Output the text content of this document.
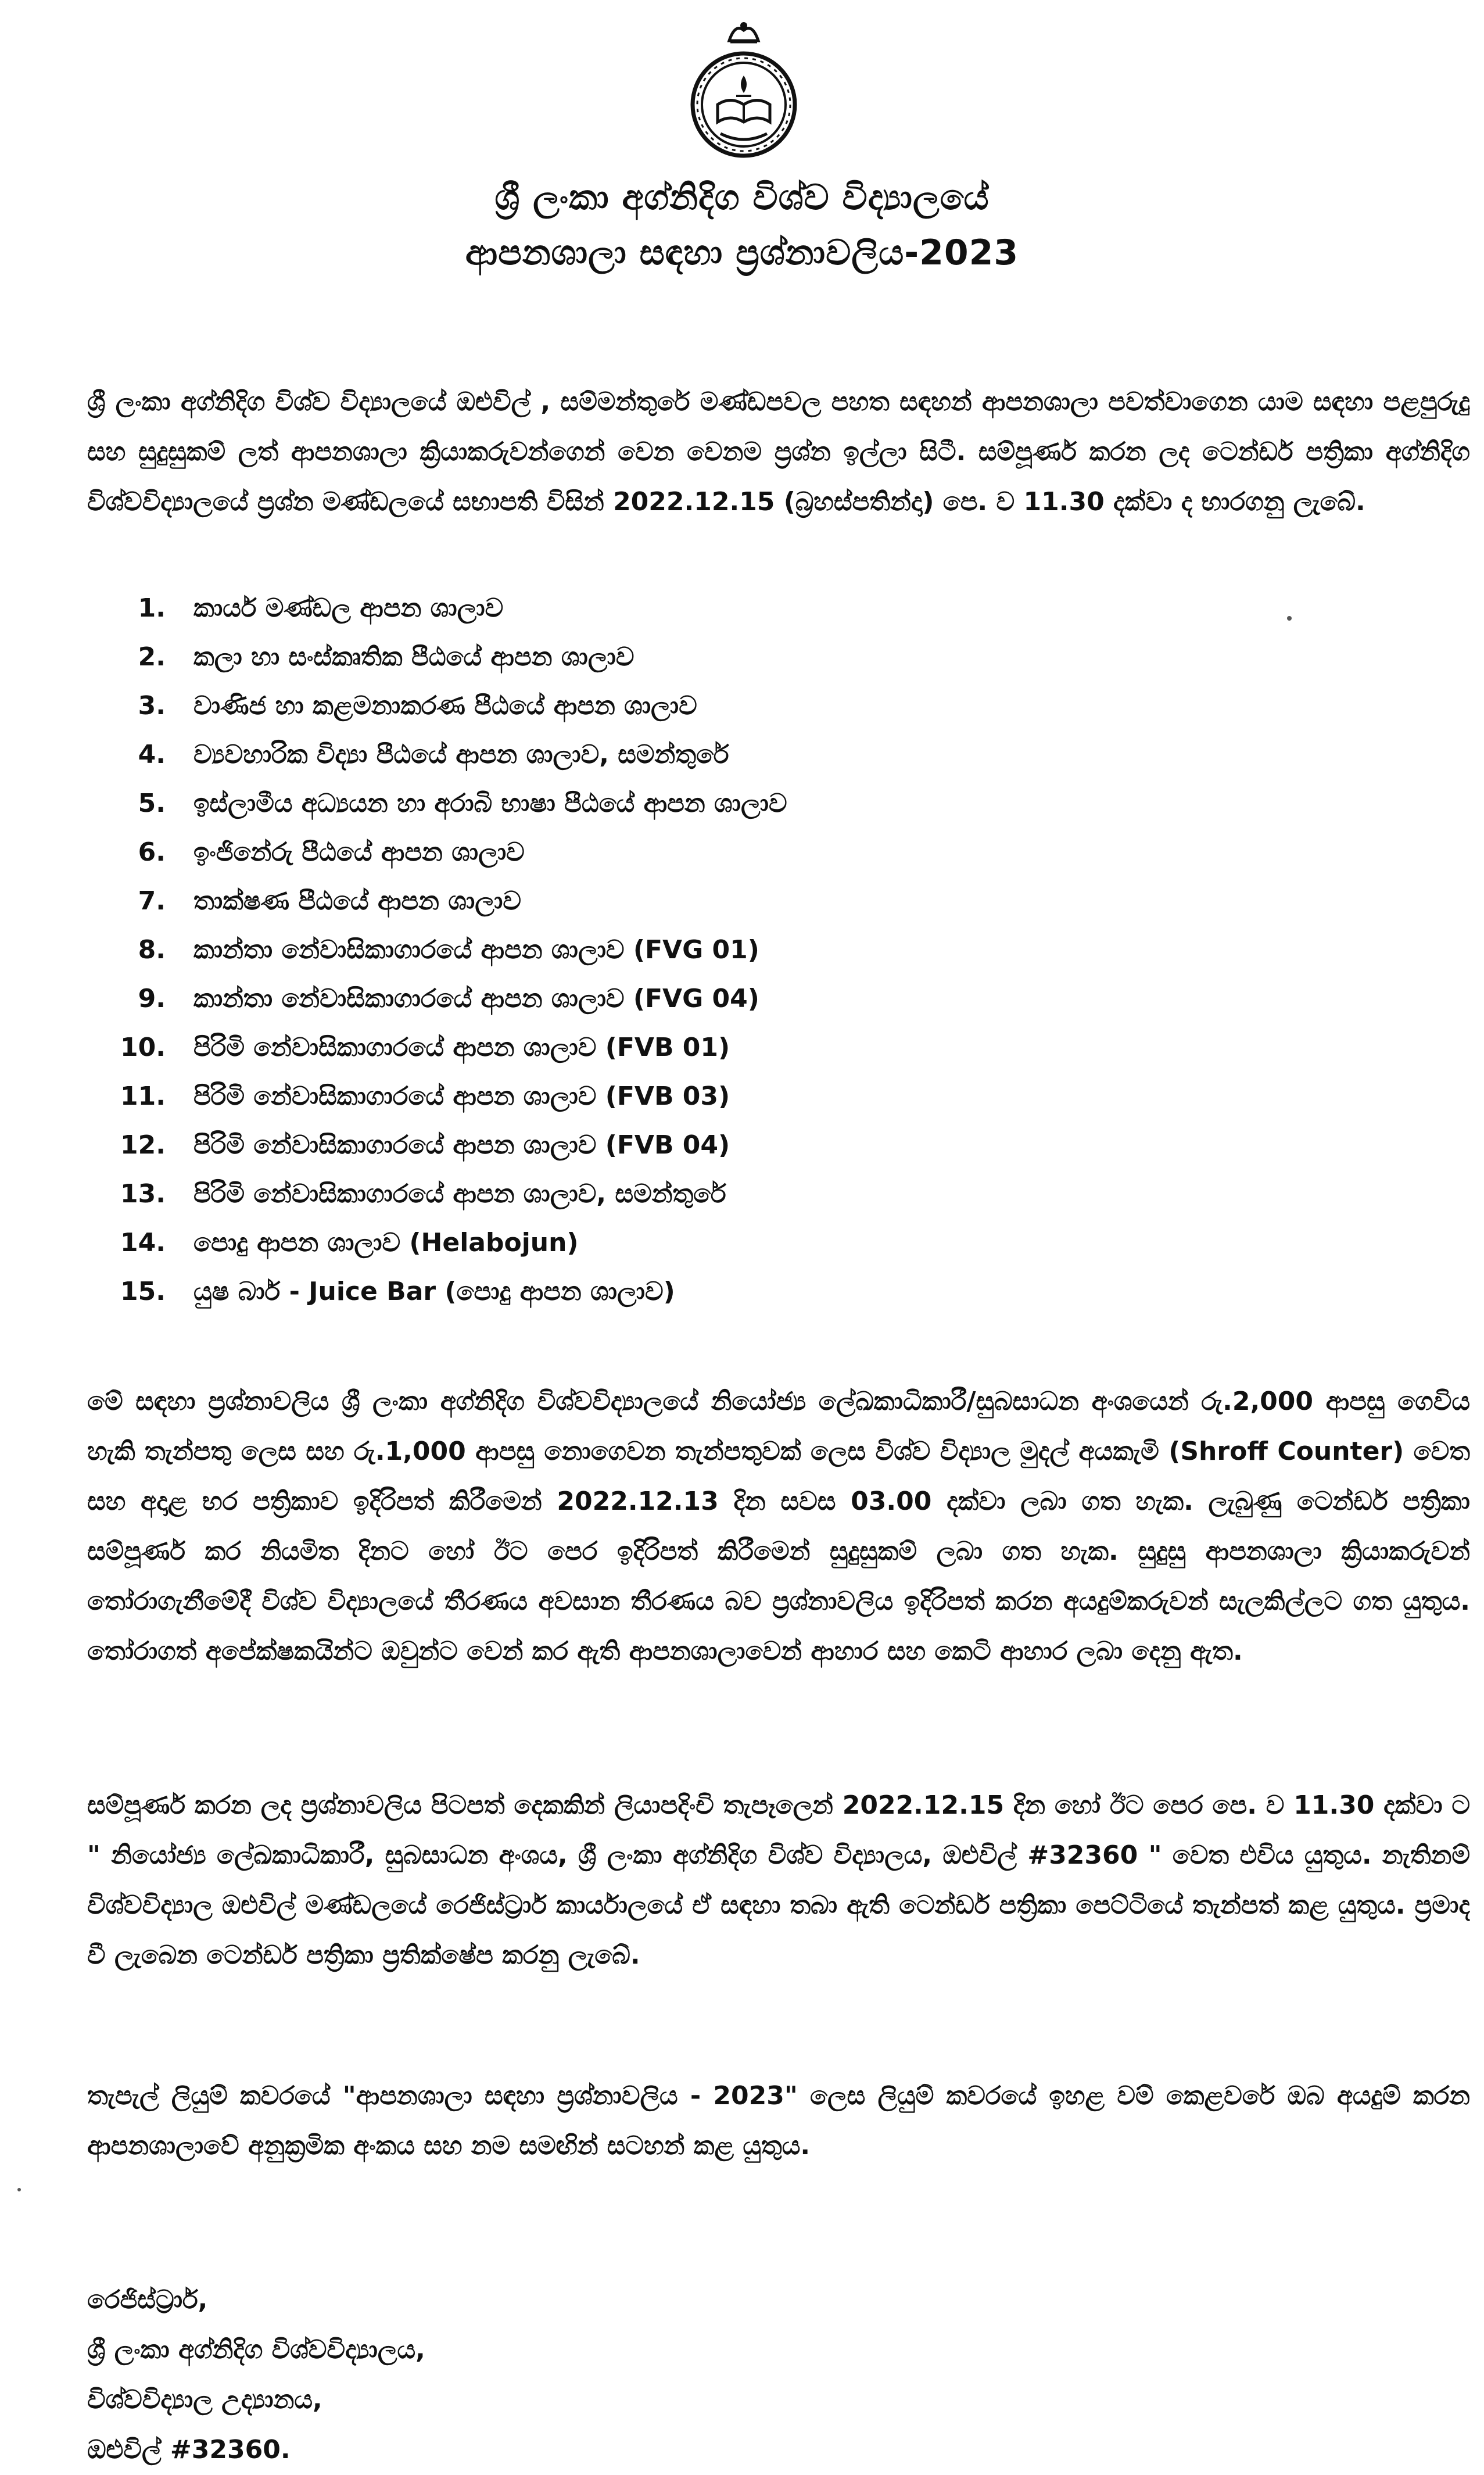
ශ්‍රී ලංකා අග්නිදිග විශ්ව විද්‍යාලයේ
ආපනශාලා සඳහා ප්‍රශ්නාවලිය-2023

ශ්‍රී ලංකා අග්නිදිග විශ්ව විද්‍යාලයේ ඔළුවිල් , සම්මන්තුරේ මණ්ඩපවල පහත සඳහන් ආපනශාලා පවත්වාගෙන යාම සඳහා පළපුරුදු සහ සුදුසුකම් ලත් ආපනශාලා ක්‍රියාකරුවන්ගෙන් වෙන වෙනම ප්‍රශ්න ඉල්ලා සිටී. සම්පූර්ණ කරන ලද ටෙන්ඩර් පත්‍රිකා අග්නිදිග විශ්වවිද්‍යාලයේ ප්‍රශ්න මණ්ඩලයේ සභාපති විසින් 2022.12.15 (බ්‍රහස්පතින්දා) පෙ. ව 11.30 දක්වා ද භාරගනු ලැබේ.

1. කාර්ය මණ්ඩල ආපන ශාලාව
2. කලා හා සංස්කෘතික පීඨයේ ආපන ශාලාව
3. වාණිජ හා කළමනාකරණ පීඨයේ ආපන ශාලාව
4. ව්‍යවහාරික විද්‍යා පීඨයේ ආපන ශාලාව, සමන්තුරේ
5. ඉස්ලාමීය අධ්‍යයන හා අරාබි භාෂා පීඨයේ ආපන ශාලාව
6. ඉංජිනේරු පීඨයේ ආපන ශාලාව
7. තාක්ෂණ පීඨයේ ආපන ශාලාව
8. කාන්තා නේවාසිකාගාරයේ ආපන ශාලාව (FVG 01)
9. කාන්තා නේවාසිකාගාරයේ ආපන ශාලාව (FVG 04)
10. පිරිමි නේවාසිකාගාරයේ ආපන ශාලාව (FVB 01)
11. පිරිමි නේවාසිකාගාරයේ ආපන ශාලාව (FVB 03)
12. පිරිමි නේවාසිකාගාරයේ ආපන ශාලාව (FVB 04)
13. පිරිමි නේවාසිකාගාරයේ ආපන ශාලාව, සමන්තුරේ
14. පොදු ආපන ශාලාව (Helabojun)
15. යුෂ බාර් - Juice Bar (පොදු ආපන ශාලාව)

මේ සඳහා ප්‍රශ්නාවලිය ශ්‍රී ලංකා අග්නිදිග විශ්වවිද්‍යාලයේ නියෝජ්‍ය ලේඛකාධිකාරී/සුබසාධන අංශයෙන් රු.2,000 ආපසු ගෙවිය හැකි තැන්පතු ලෙස සහ රු.1,000 ආපසු නොගෙවන තැන්පතුවක් ලෙස විශ්ව විද්‍යාල මුදල් අයකැමි (Shroff Counter) වෙත සහ අදාළ භර පත්‍රිකාව ඉදිරිපත් කිරීමෙන් 2022.12.13 දින සවස 03.00 දක්වා ලබා ගත හැක. ලැබුණු ටෙන්ඩර් පත්‍රිකා සම්පූර්ණ කර නියමිත දිනට හෝ ඊට පෙර ඉදිරිපත් කිරීමෙන් සුදුසුකම් ලබා ගත හැක. සුදුසු ආපනශාලා ක්‍රියාකරුවන් තෝරාගැනීමේදී විශ්ව විද්‍යාලයේ තීරණය අවසාන තීරණය බව ප්‍රශ්නාවලිය ඉදිරිපත් කරන අයදුම්කරුවන් සැලකිල්ලට ගත යුතුය. තෝරාගත් අපේක්ෂකයින්ට ඔවුන්ට වෙන් කර ඇති ආපනශාලාවෙන් ආහාර සහ කෙටි ආහාර ලබා දෙනු ඇත.

සම්පූර්ණ කරන ලද ප්‍රශ්නාවලිය පිටපත් දෙකකින් ලියාපදිංචි තැපෑලෙන් 2022.12.15 දින හෝ ඊට පෙර පෙ. ව 11.30 දක්වා ට " නියෝජ්‍ය ලේඛකාධිකාරී, සුබසාධන අංශය, ශ්‍රී ලංකා අග්නිදිග විශ්ව විද්‍යාලය, ඔළුවිල් #32360 " වෙත එවිය යුතුය. නැතිනම් විශ්වවිද්‍යාල ඔළුවිල් මණ්ඩලයේ රෙජිස්ට්‍රාර් කාර්යාලයේ ඒ සඳහා තබා ඇති ටෙන්ඩර් පත්‍රිකා පෙට්ටියේ තැන්පත් කළ යුතුය. ප්‍රමාද වී ලැබෙන ටෙන්ඩර් පත්‍රිකා ප්‍රතික්ෂේප කරනු ලැබේ.

තැපැල් ලියුම් කවරයේ "ආපනශාලා සඳහා ප්‍රශ්නාවලිය - 2023" ලෙස ලියුම් කවරයේ ඉහළ වම් කෙළවරේ ඔබ අයදුම් කරන ආපනශාලාවේ අනුක්‍රමික අංකය සහ නම සමඟින් සටහන් කළ යුතුය.

රෙජිස්ට්‍රාර්,
ශ්‍රී ලංකා අග්නිදිග විශ්වවිද්‍යාලය,
විශ්වවිද්‍යාල උද්‍යානය,
ඔළුවිල් #32360.
